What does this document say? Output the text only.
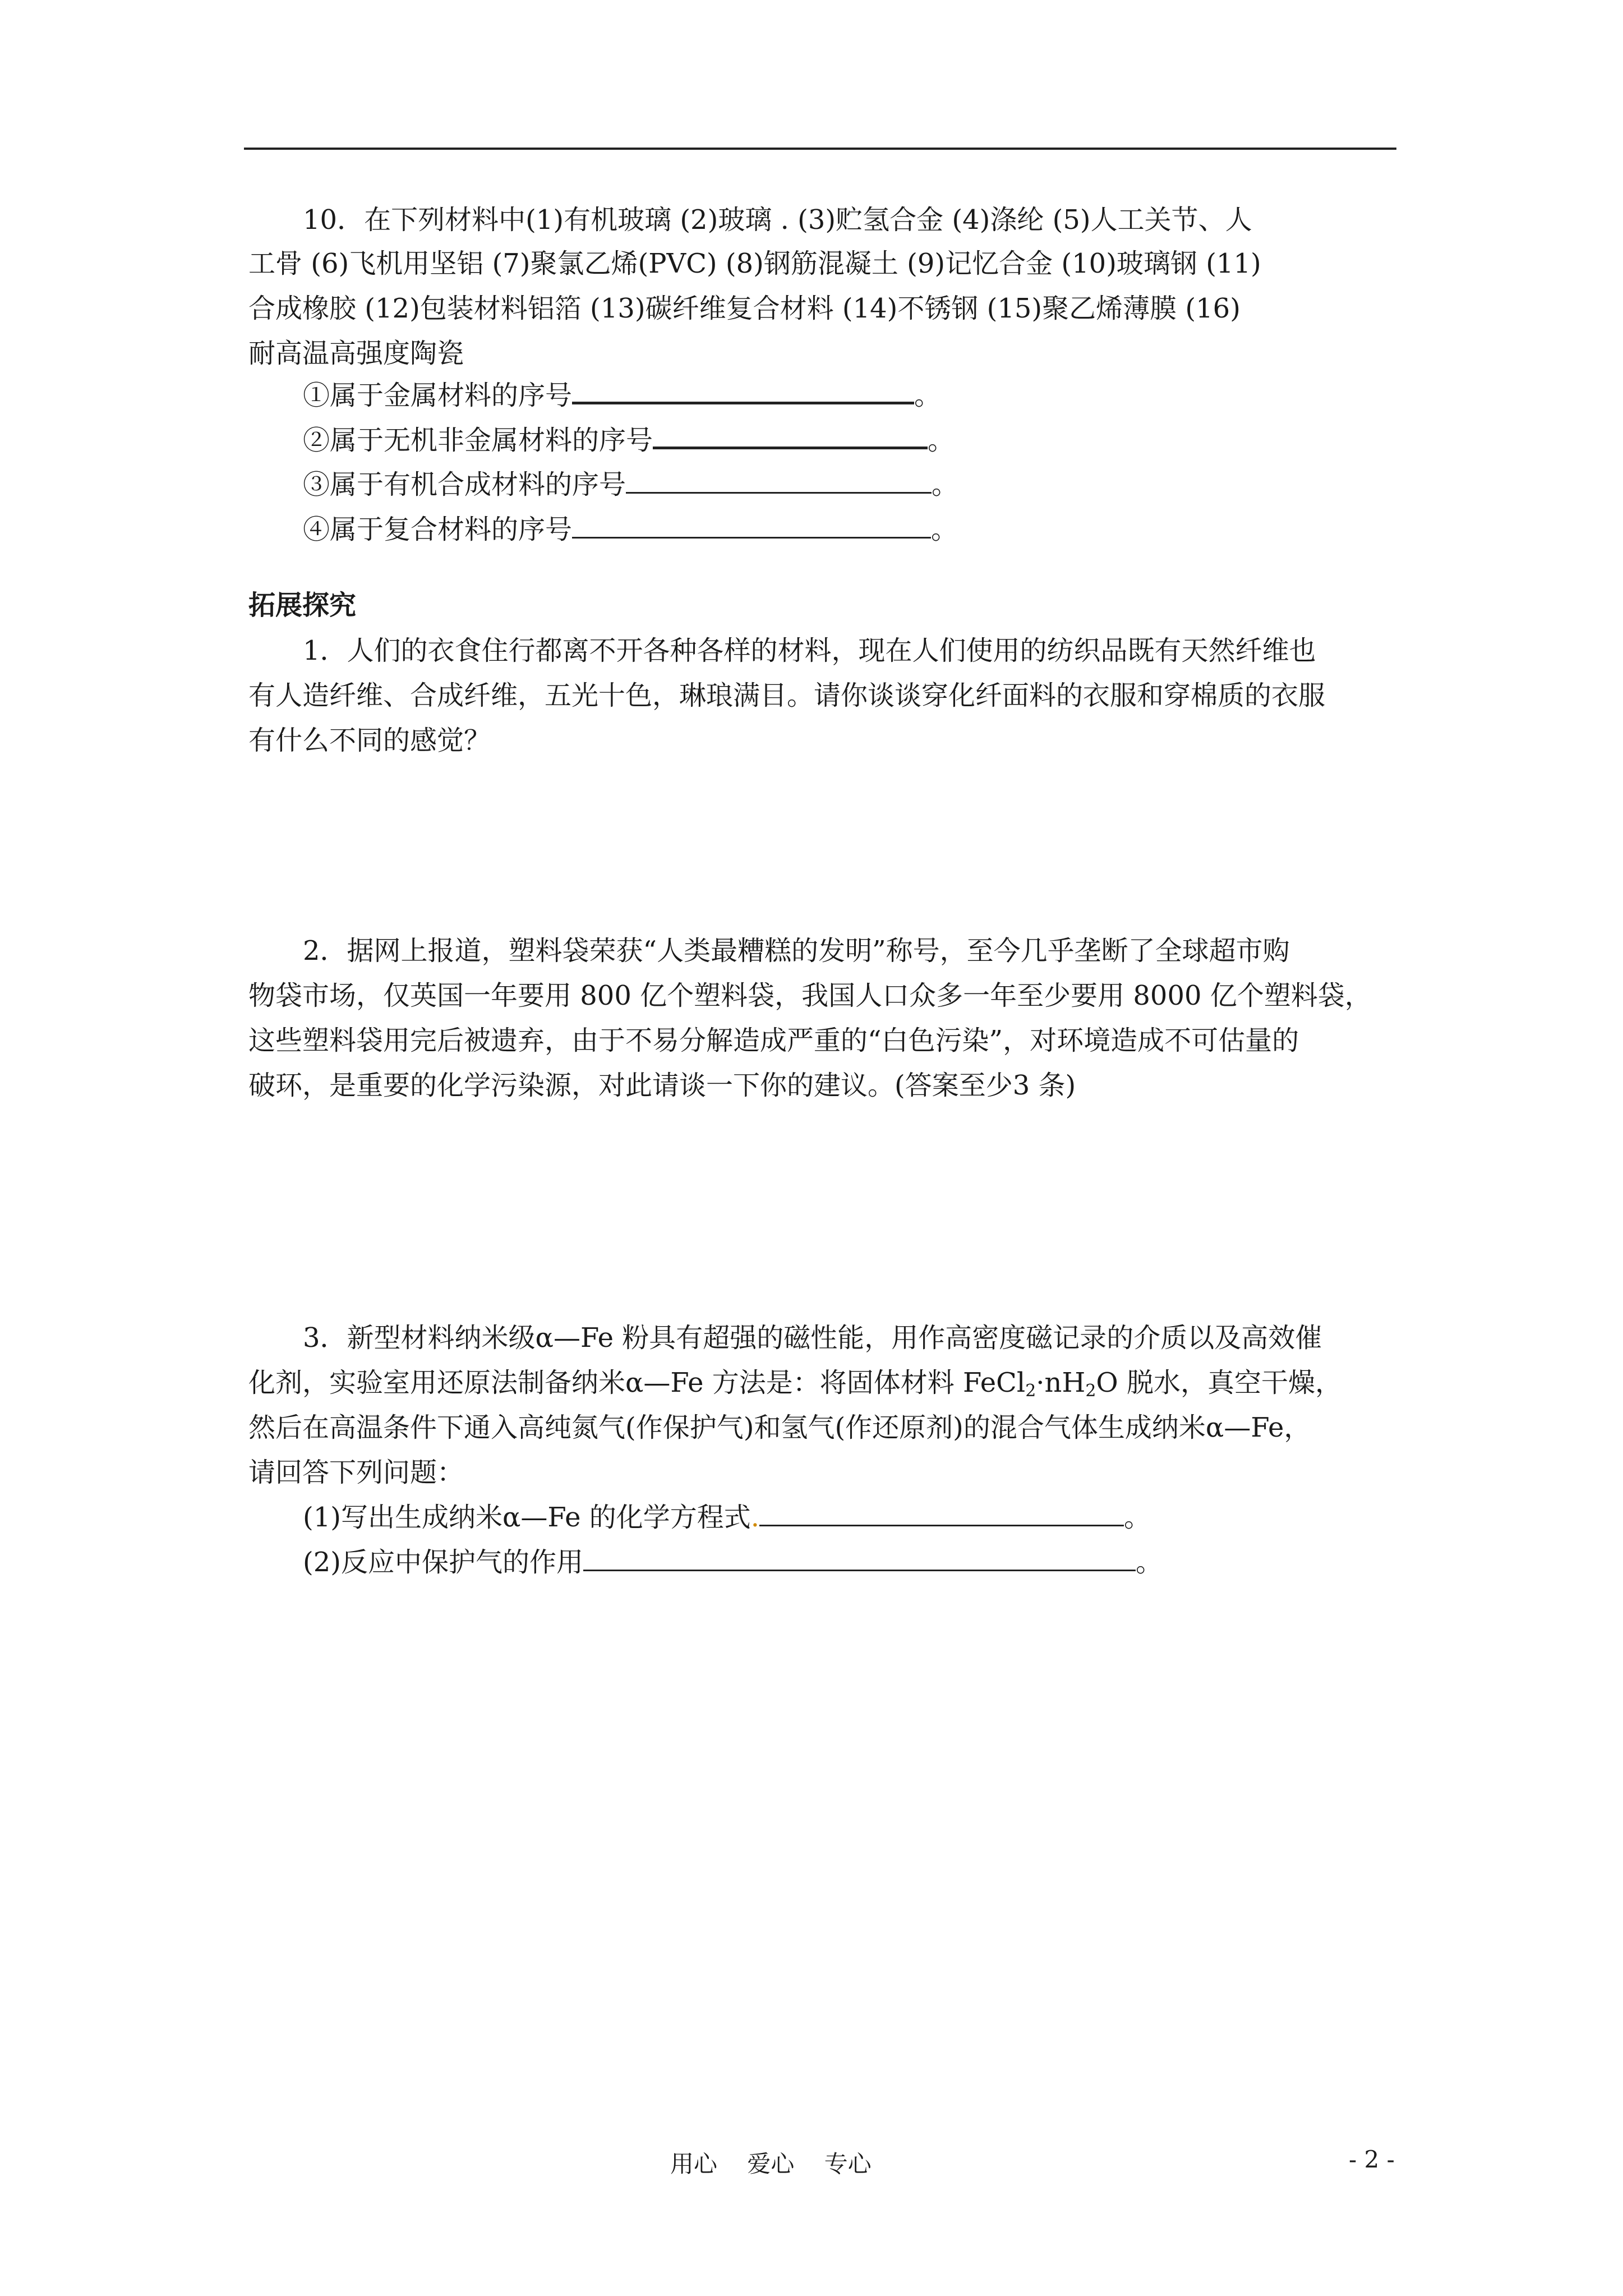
10．在下列材料中(1)有机玻璃 (2)玻璃 . (3)贮氢合金 (4)涤纶 (5)人工关节、人
工骨 (6)飞机用坚铝 (7)聚氯乙烯(PVC) (8)钢筋混凝土 (9)记忆合金 (10)玻璃钢 (11)
合成橡胶 (12)包装材料铝箔 (13)碳纤维复合材料 (14)不锈钢 (15)聚乙烯薄膜 (16)
耐高温高强度陶瓷
①属于金属材料的序号	。
②属于无机非金属材料的序号	。
③属于有机合成材料的序号	。
④属于复合材料的序号	。
拓展探究
1．人们的衣食住行都离不开各种各样的材料，现在人们使用的纺织品既有天然纤维也
有人造纤维、合成纤维，五光十色，琳琅满目。请你谈谈穿化纤面料的衣服和穿棉质的衣服
有什么不同的感觉？
2．据网上报道，塑料袋荣获“人类最糟糕的发明”称号，至今几乎垄断了全球超市购
物袋市场，仅英国一年要用 800 亿个塑料袋，我国人口众多一年至少要用 8000 亿个塑料袋，
这些塑料袋用完后被遗弃，由于不易分解造成严重的“白色污染”，对环境造成不可估量的
破环，是重要的化学污染源，对此请谈一下你的建议。(答案至少3 条)
3．新型材料纳米级α—Fe 粉具有超强的磁性能，用作高密度磁记录的介质以及高效催
化剂，实验室用还原法制备纳米α—Fe 方法是：将固体材料 $FeCl_2\cdot nH_2O$ 脱水，真空干燥，
然后在高温条件下通入高纯氮气(作保护气)和氢气(作还原剂)的混合气体生成纳米α—Fe，
请回答下列问题：
(1)写出生成纳米α—Fe 的化学方程式.	。
(2)反应中保护气的作用	。
用心    爱心    专心	- 2 -
